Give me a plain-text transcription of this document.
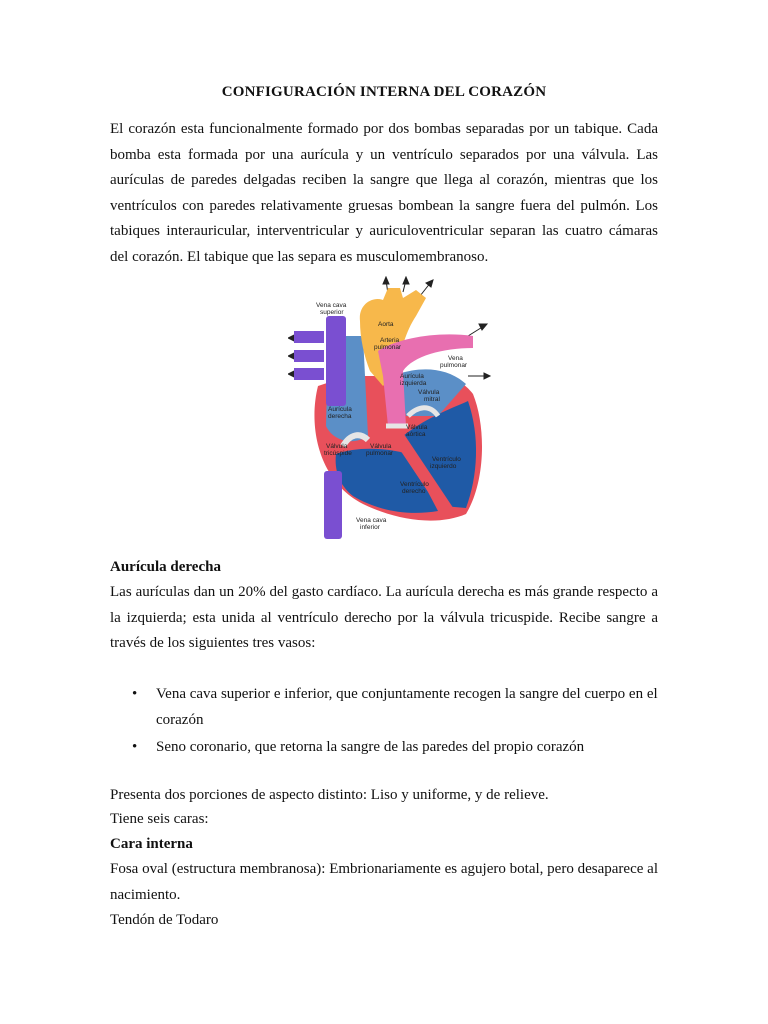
CONFIGURACIÓN INTERNA DEL CORAZÓN

El corazón esta funcionalmente formado por dos bombas separadas por un tabique. Cada bomba esta formada por una aurícula y un ventrículo separados por una válvula. Las aurículas de paredes delgadas reciben la sangre que llega al corazón, mientras que los ventrículos con paredes relativamente gruesas bombean la sangre fuera del pulmón. Los tabiques interauricular, interventricular y auriculoventricular separan las cuatro cámaras del corazón. El tabique que las separa es musculomembranoso.

Vena cava
superior
Aorta
Arteria
pulmonar
Vena
pulmonar
Aurícula
izquierda
Válvula
mitral
Aurícula
derecha
Válvula
aórtica
Válvula
tricúspide
Válvula
pulmonar
Ventrículo
izquierdo
Ventrículo
derecho
Vena cava
inferior

Aurícula derecha

Las aurículas dan un 20% del gasto cardíaco. La aurícula derecha es más grande respecto a la izquierda; esta unida al ventrículo derecho por la válvula tricuspide. Recibe sangre a través de los siguientes tres vasos:

• Vena cava superior e inferior, que conjuntamente recogen la sangre del cuerpo en el corazón
• Seno coronario, que retorna la sangre de las paredes del propio corazón

Presenta dos porciones de aspecto distinto: Liso y uniforme, y de relieve.

Tiene seis caras:

Cara interna

Fosa oval (estructura membranosa): Embrionariamente es agujero botal, pero desaparece al nacimiento.

Tendón de Todaro
